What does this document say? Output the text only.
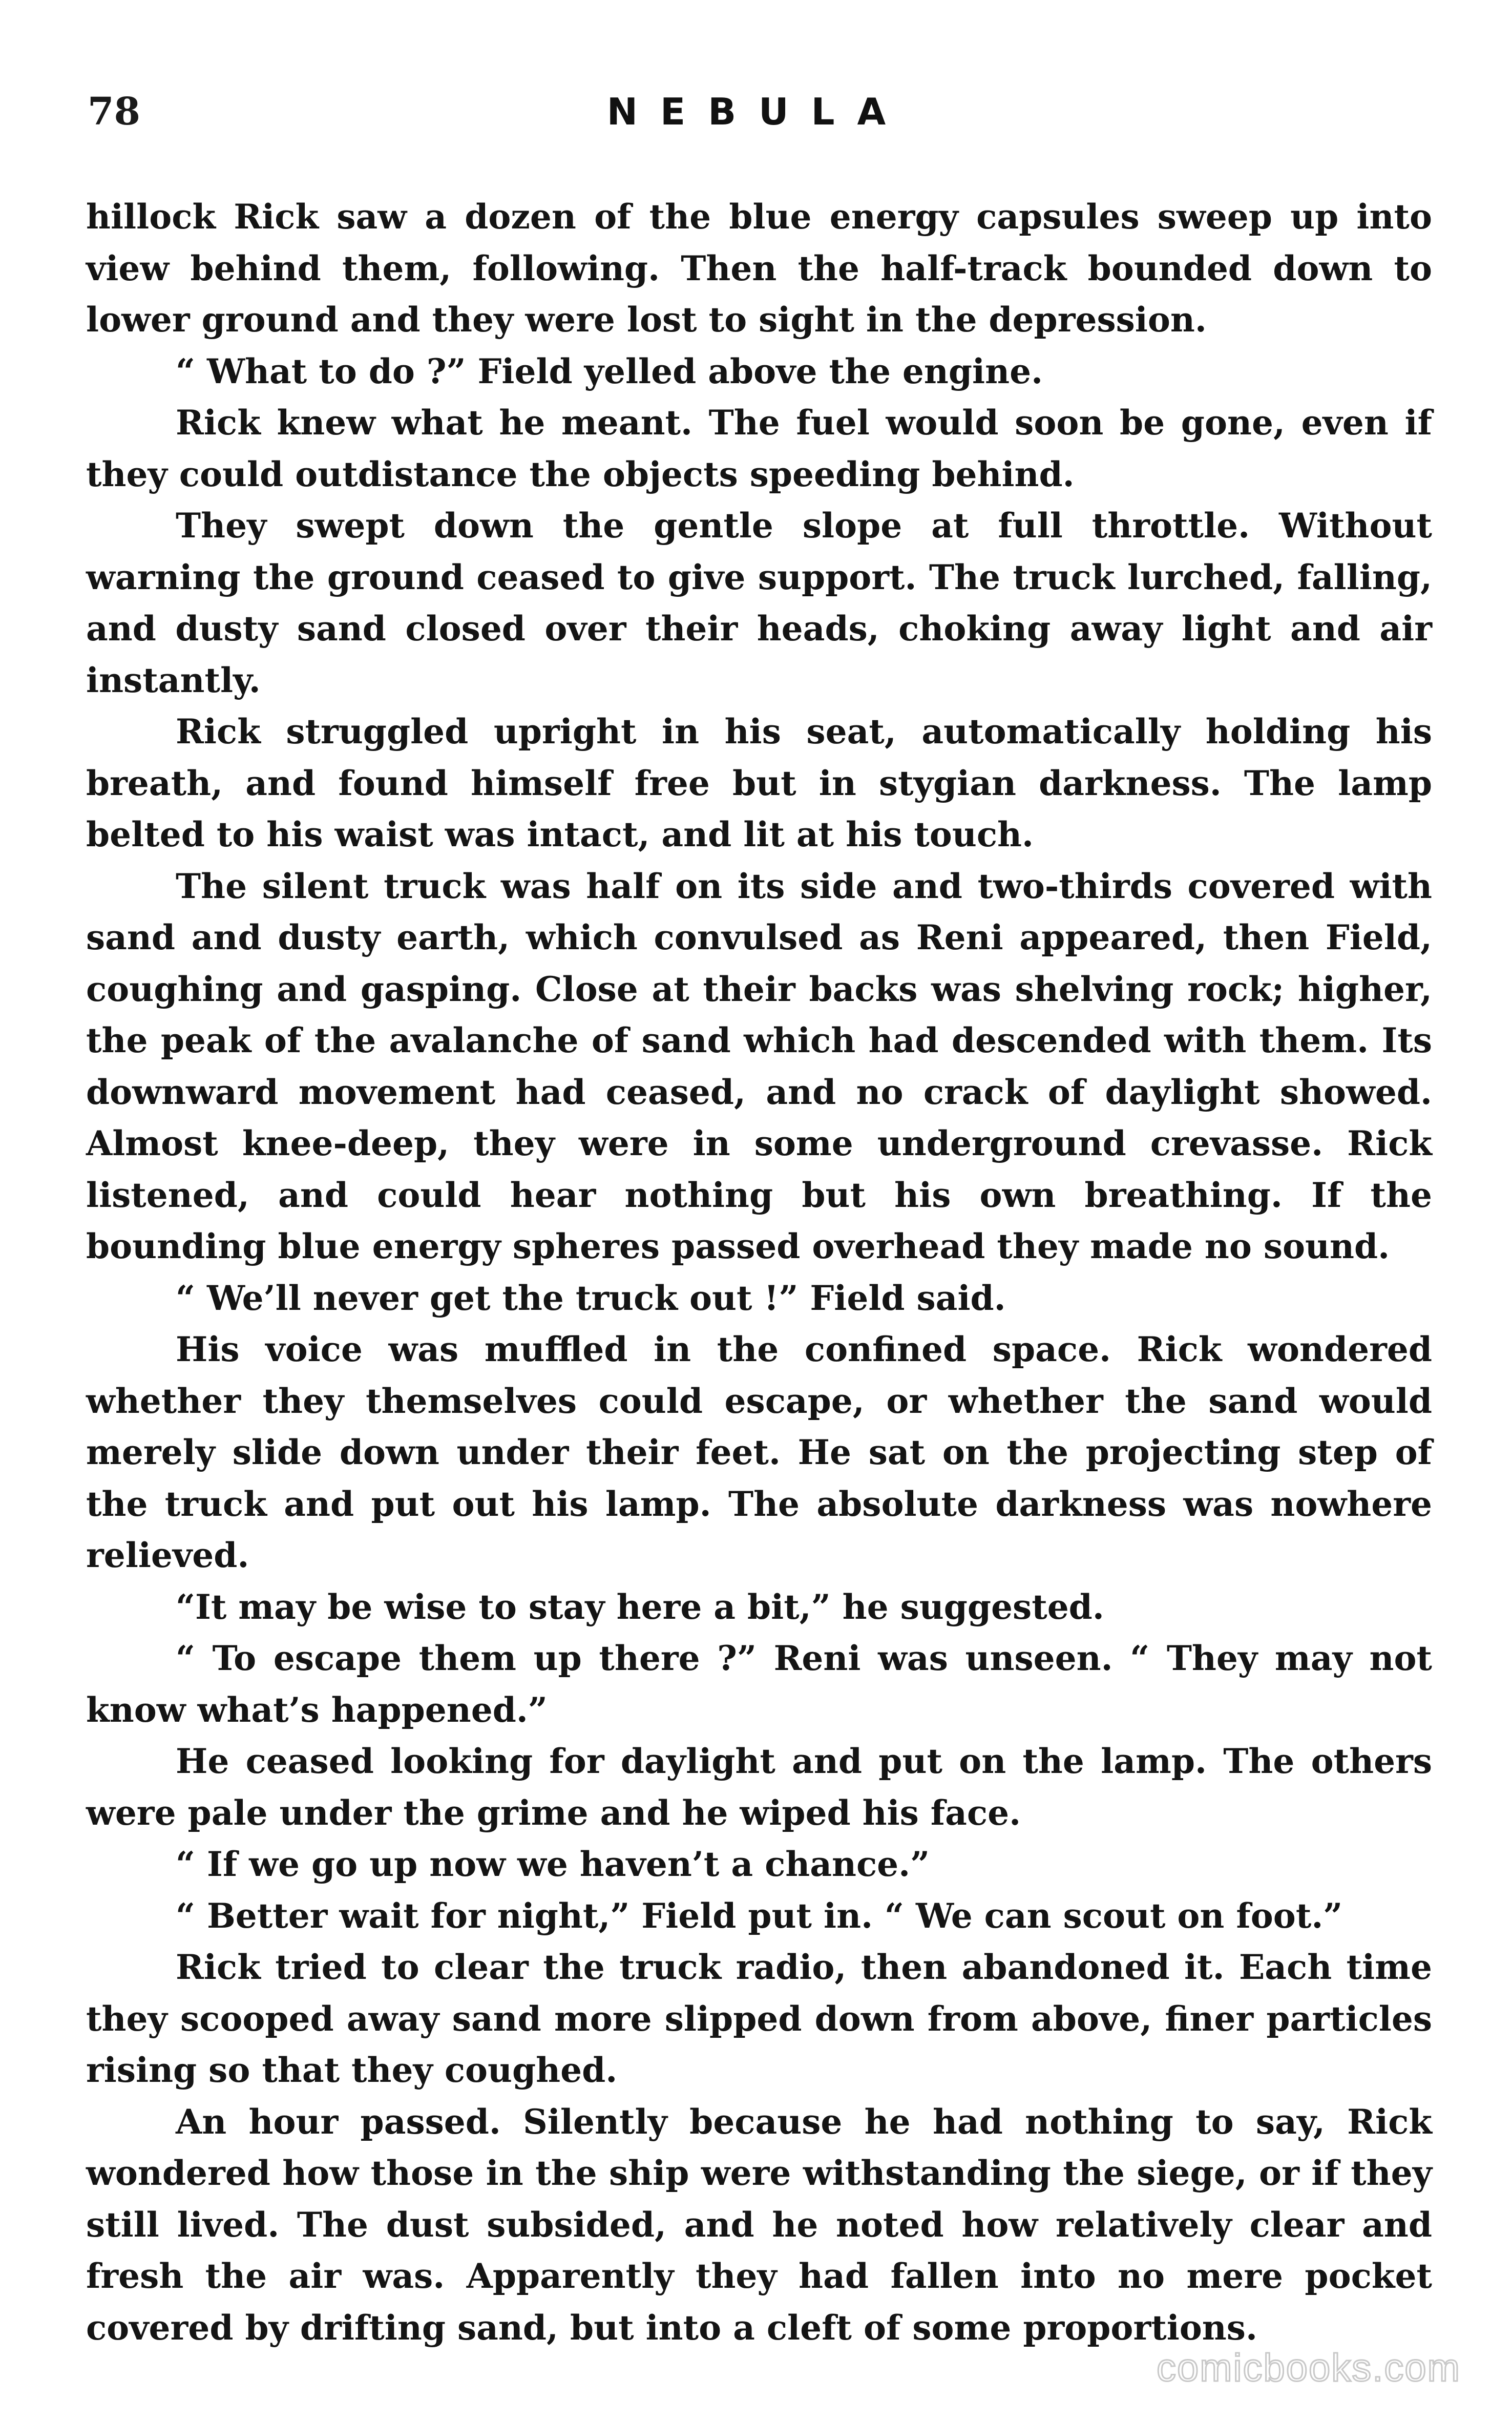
78	NEBULA

hillock Rick saw a dozen of the blue energy capsules sweep up into view behind them, following. Then the half-track bounded down to lower ground and they were lost to sight in the depression.

“ What to do ?” Field yelled above the engine.

Rick knew what he meant. The fuel would soon be gone, even if they could outdistance the objects speeding behind.

They swept down the gentle slope at full throttle. Without warning the ground ceased to give support. The truck lurched, falling, and dusty sand closed over their heads, choking away light and air instantly.

Rick struggled upright in his seat, automatically holding his breath, and found himself free but in stygian darkness. The lamp belted to his waist was intact, and lit at his touch.

The silent truck was half on its side and two-thirds covered with sand and dusty earth, which convulsed as Reni appeared, then Field, coughing and gasping. Close at their backs was shelving rock; higher, the peak of the avalanche of sand which had descended with them. Its downward movement had ceased, and no crack of daylight showed. Almost knee-deep, they were in some underground crevasse. Rick listened, and could hear nothing but his own breathing. If the bounding blue energy spheres passed overhead they made no sound.

“ We’ll never get the truck out !” Field said.

His voice was muffled in the confined space. Rick wondered whether they themselves could escape, or whether the sand would merely slide down under their feet. He sat on the projecting step of the truck and put out his lamp. The absolute darkness was nowhere relieved.

“It may be wise to stay here a bit,” he suggested.

“ To escape them up there ?” Reni was unseen. “ They may not know what’s happened.”

He ceased looking for daylight and put on the lamp. The others were pale under the grime and he wiped his face.

“ If we go up now we haven’t a chance.”

“ Better wait for night,” Field put in. “ We can scout on foot.”

Rick tried to clear the truck radio, then abandoned it. Each time they scooped away sand more slipped down from above, finer particles rising so that they coughed.

An hour passed. Silently because he had nothing to say, Rick wondered how those in the ship were withstanding the siege, or if they still lived. The dust subsided, and he noted how relatively clear and fresh the air was. Apparently they had fallen into no mere pocket covered by drifting sand, but into a cleft of some proportions.

comicbooks.com
